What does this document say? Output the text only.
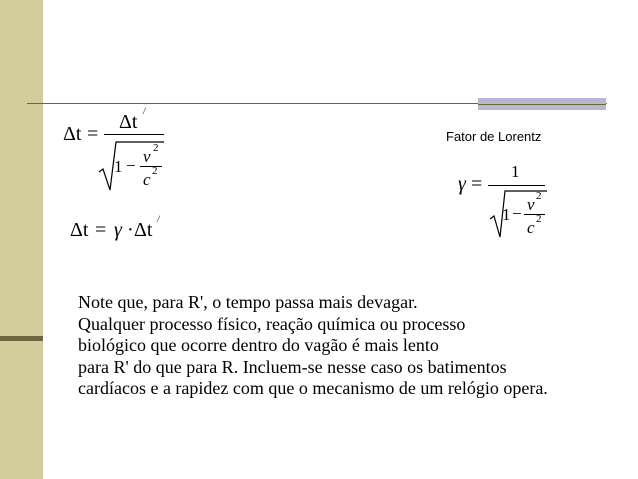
Δt =
Δt /
1 − v 2
c 2
Δt = γ · Δt /
Fator de Lorentz
γ =
1
1 − v 2
c 2
Note que, para R', o tempo passa mais devagar.
Qualquer processo físico, reação química ou processo
biológico que ocorre dentro do vagão é mais lento
para R' do que para R. Incluem-se nesse caso os batimentos
cardíacos e a rapidez com que o mecanismo de um relógio opera.
